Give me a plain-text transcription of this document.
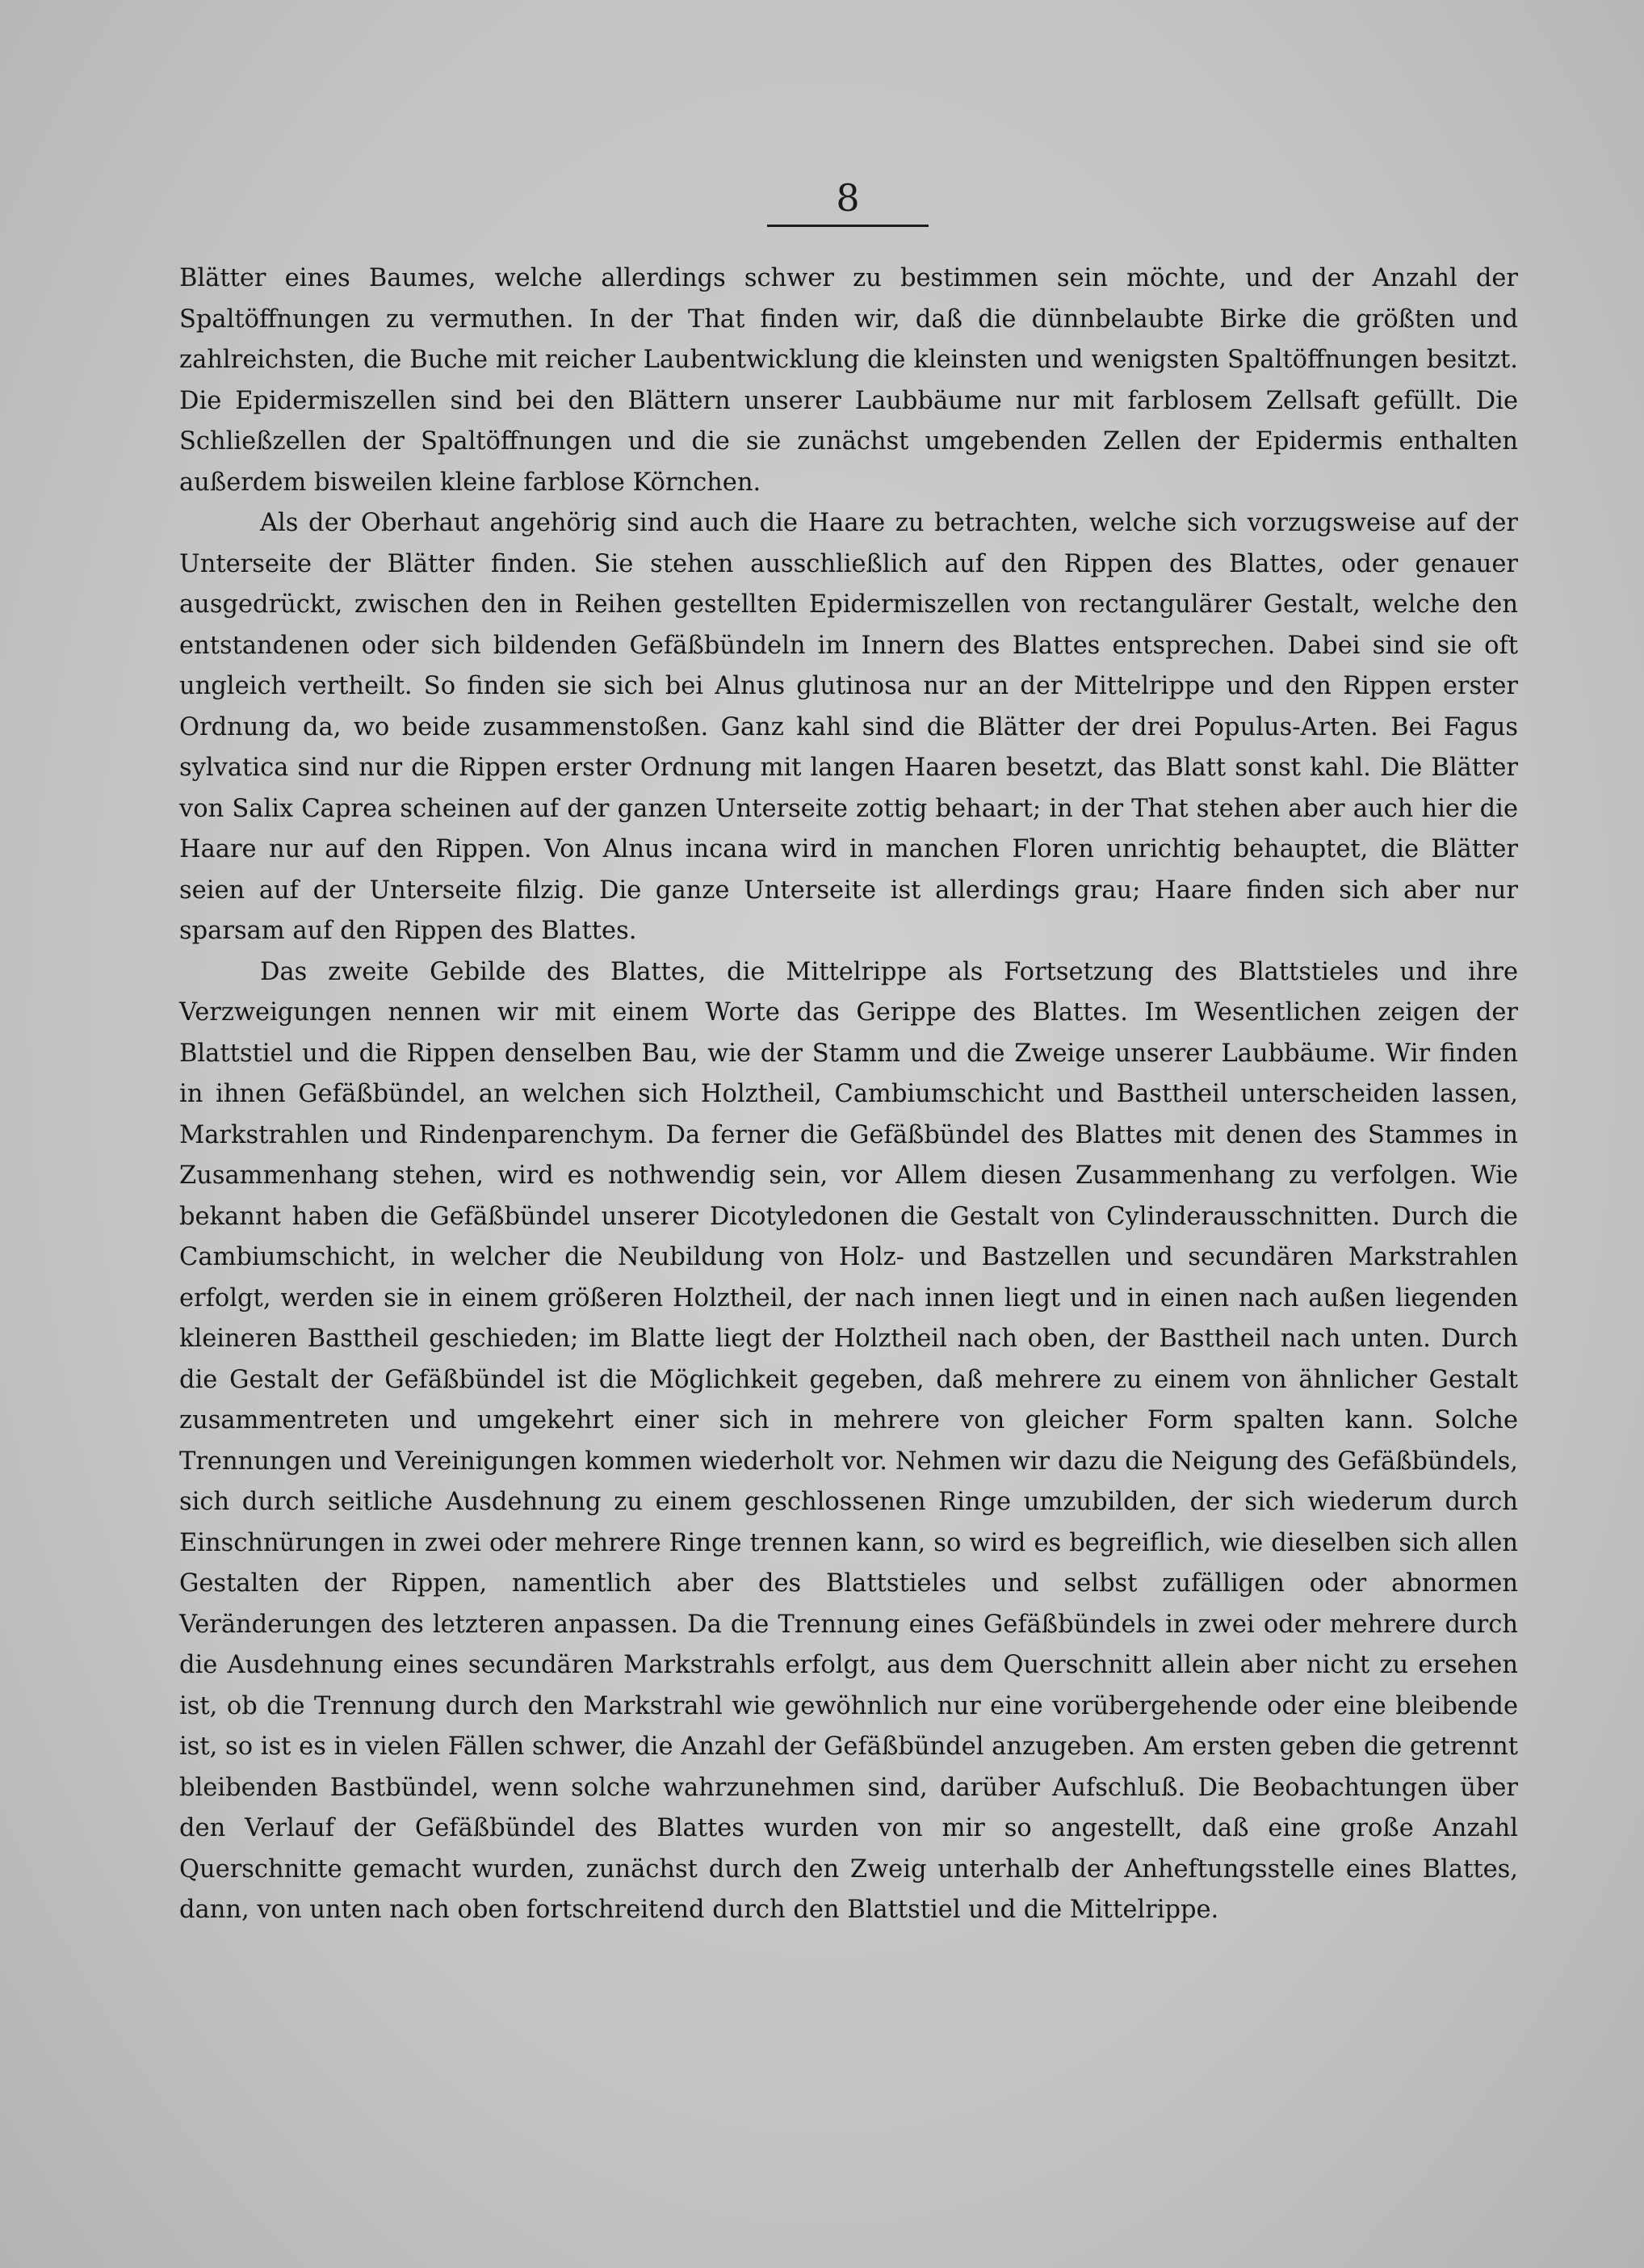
8

Blätter eines Baumes, welche allerdings schwer zu bestimmen sein möchte, und der Anzahl der Spaltöffnungen zu vermuthen. In der That finden wir, daß die dünnbelaubte Birke die größten und zahlreichsten, die Buche mit reicher Laubentwicklung die kleinsten und wenigsten Spaltöffnungen besitzt. Die Epidermiszellen sind bei den Blättern unserer Laubbäume nur mit farblosem Zellsaft gefüllt. Die Schließzellen der Spaltöffnungen und die sie zunächst umgebenden Zellen der Epidermis enthalten außerdem bisweilen kleine farblose Körnchen.

Als der Oberhaut angehörig sind auch die Haare zu betrachten, welche sich vorzugsweise auf der Unterseite der Blätter finden. Sie stehen ausschließlich auf den Rippen des Blattes, oder genauer ausgedrückt, zwischen den in Reihen gestellten Epidermiszellen von rectangulärer Gestalt, welche den entstandenen oder sich bildenden Gefäßbündeln im Innern des Blattes entsprechen. Dabei sind sie oft ungleich vertheilt. So finden sie sich bei Alnus glutinosa nur an der Mittelrippe und den Rippen erster Ordnung da, wo beide zusammenstoßen. Ganz kahl sind die Blätter der drei Populus-Arten. Bei Fagus sylvatica sind nur die Rippen erster Ordnung mit langen Haaren besetzt, das Blatt sonst kahl. Die Blätter von Salix Caprea scheinen auf der ganzen Unterseite zottig behaart; in der That stehen aber auch hier die Haare nur auf den Rippen. Von Alnus incana wird in manchen Floren unrichtig behauptet, die Blätter seien auf der Unterseite filzig. Die ganze Unterseite ist allerdings grau; Haare finden sich aber nur sparsam auf den Rippen des Blattes.

Das zweite Gebilde des Blattes, die Mittelrippe als Fortsetzung des Blattstieles und ihre Verzweigungen nennen wir mit einem Worte das Gerippe des Blattes. Im Wesentlichen zeigen der Blattstiel und die Rippen denselben Bau, wie der Stamm und die Zweige unserer Laubbäume. Wir finden in ihnen Gefäßbündel, an welchen sich Holztheil, Cambiumschicht und Basttheil unterscheiden lassen, Markstrahlen und Rindenparenchym. Da ferner die Gefäßbündel des Blattes mit denen des Stammes in Zusammenhang stehen, wird es nothwendig sein, vor Allem diesen Zusammenhang zu verfolgen. Wie bekannt haben die Gefäßbündel unserer Dicotyledonen die Gestalt von Cylinderausschnitten. Durch die Cambiumschicht, in welcher die Neubildung von Holz- und Bastzellen und secundären Markstrahlen erfolgt, werden sie in einem größeren Holztheil, der nach innen liegt und in einen nach außen liegenden kleineren Basttheil geschieden; im Blatte liegt der Holztheil nach oben, der Basttheil nach unten. Durch die Gestalt der Gefäßbündel ist die Möglichkeit gegeben, daß mehrere zu einem von ähnlicher Gestalt zusammentreten und umgekehrt einer sich in mehrere von gleicher Form spalten kann. Solche Trennungen und Vereinigungen kommen wiederholt vor. Nehmen wir dazu die Neigung des Gefäßbündels, sich durch seitliche Ausdehnung zu einem geschlossenen Ringe umzubilden, der sich wiederum durch Einschnürungen in zwei oder mehrere Ringe trennen kann, so wird es begreiflich, wie dieselben sich allen Gestalten der Rippen, namentlich aber des Blattstieles und selbst zufälligen oder abnormen Veränderungen des letzteren anpassen. Da die Trennung eines Gefäßbündels in zwei oder mehrere durch die Ausdehnung eines secundären Markstrahls erfolgt, aus dem Querschnitt allein aber nicht zu ersehen ist, ob die Trennung durch den Markstrahl wie gewöhnlich nur eine vorübergehende oder eine bleibende ist, so ist es in vielen Fällen schwer, die Anzahl der Gefäßbündel anzugeben. Am ersten geben die getrennt bleibenden Bastbündel, wenn solche wahrzunehmen sind, darüber Aufschluß. Die Beobachtungen über den Verlauf der Gefäßbündel des Blattes wurden von mir so angestellt, daß eine große Anzahl Querschnitte gemacht wurden, zunächst durch den Zweig unterhalb der Anheftungsstelle eines Blattes, dann, von unten nach oben fortschreitend durch den Blattstiel und die Mittelrippe.
